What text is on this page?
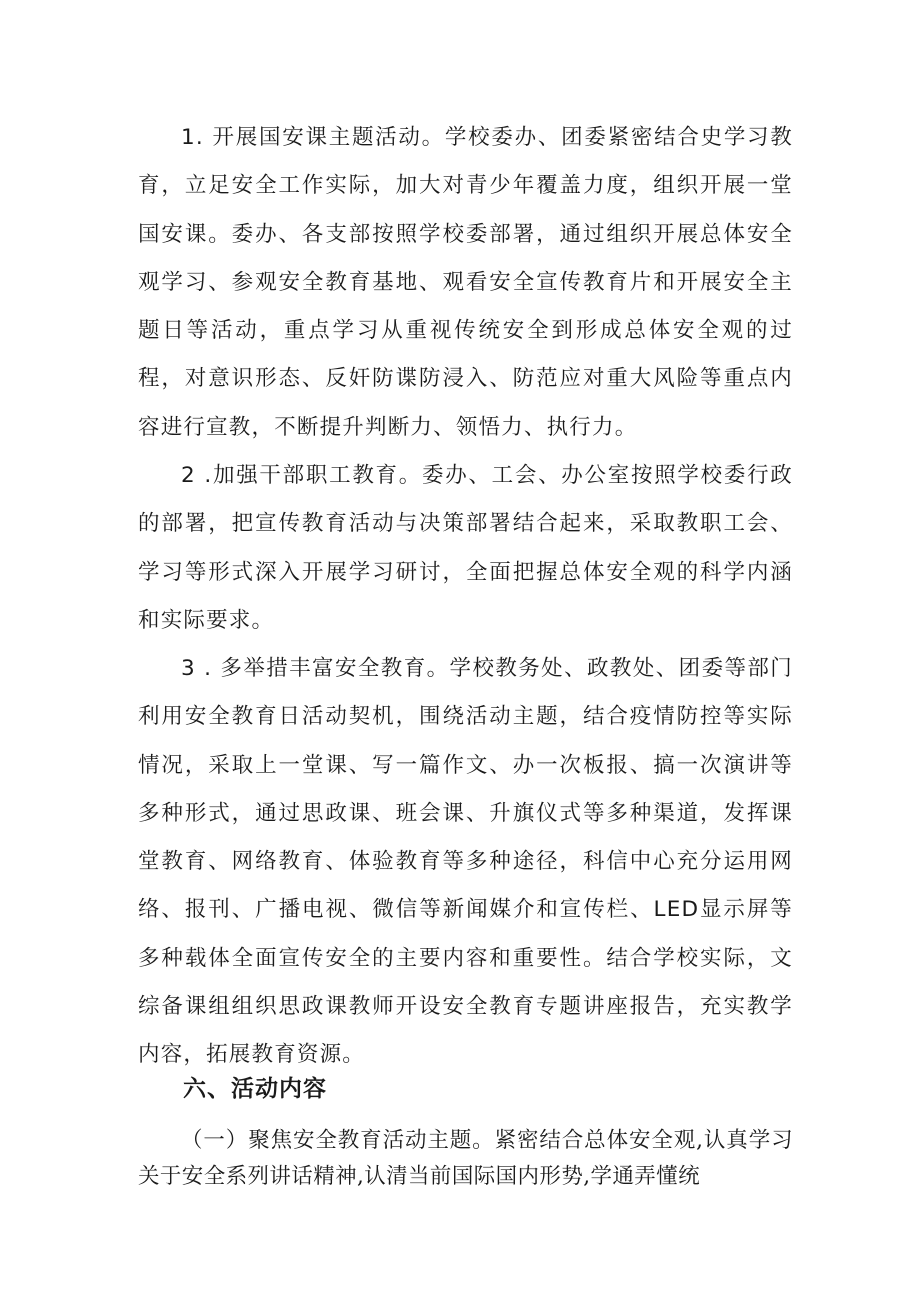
1. 开展国安课主题活动。学校委办、团委紧密结合史学习教育，立足安全工作实际，加大对青少年覆盖力度，组织开展一堂国安课。委办、各支部按照学校委部署，通过组织开展总体安全观学习、参观安全教育基地、观看安全宣传教育片和开展安全主题日等活动，重点学习从重视传统安全到形成总体安全观的过程，对意识形态、反奸防谍防浸入、防范应对重大风险等重点内容进行宣教，不断提升判断力、领悟力、执行力。

2 .加强干部职工教育。委办、工会、办公室按照学校委行政的部署，把宣传教育活动与决策部署结合起来，采取教职工会、学习等形式深入开展学习研讨，全面把握总体安全观的科学内涵和实际要求。

3 . 多举措丰富安全教育。学校教务处、政教处、团委等部门利用安全教育日活动契机，围绕活动主题，结合疫情防控等实际情况，采取上一堂课、写一篇作文、办一次板报、搞一次演讲等多种形式，通过思政课、班会课、升旗仪式等多种渠道，发挥课堂教育、网络教育、体验教育等多种途径，科信中心充分运用网络、报刊、广播电视、微信等新闻媒介和宣传栏、LED显示屏等多种载体全面宣传安全的主要内容和重要性。结合学校实际，文综备课组组织思政课教师开设安全教育专题讲座报告，充实教学内容，拓展教育资源。

六、活动内容

（一）聚焦安全教育活动主题。紧密结合总体安全观,认真学习关于安全系列讲话精神,认清当前国际国内形势,学通弄懂统
